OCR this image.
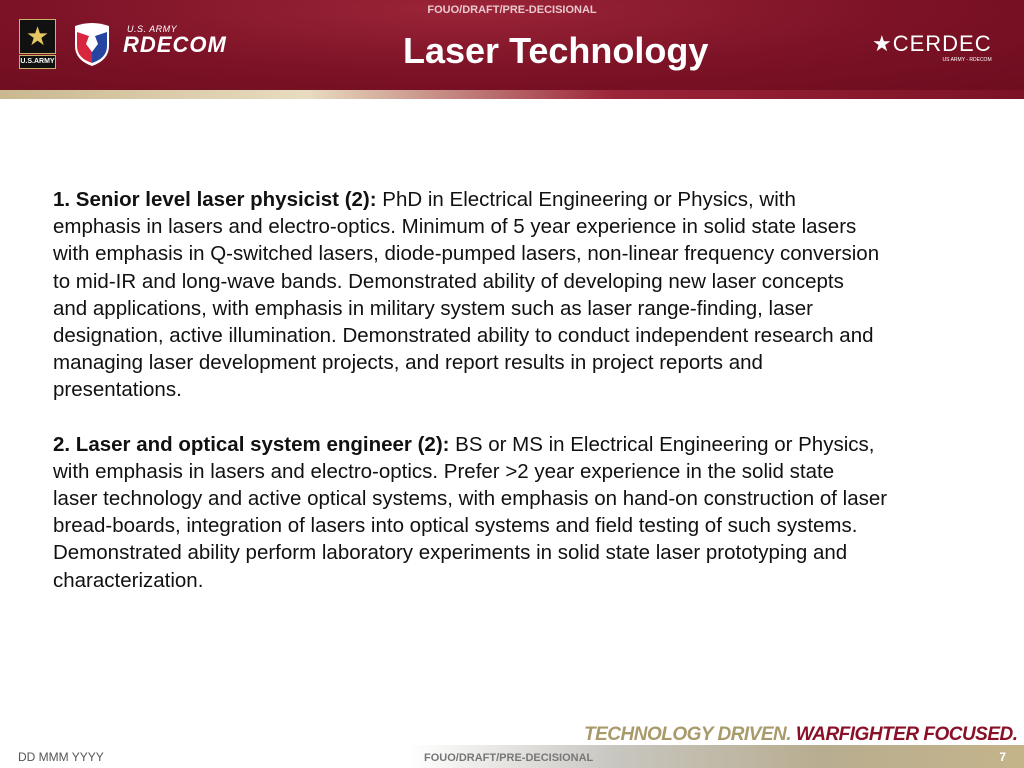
FOUO/DRAFT/PRE-DECISIONAL
★
U.S.ARMY
U.S. ARMY
RDECOM	Laser Technology	★CERDEC
US ARMY - RDECOM
1. Senior level laser physicist (2): PhD in Electrical Engineering or Physics, with
emphasis in lasers and electro-optics. Minimum of 5 year experience in solid state lasers
with emphasis in Q-switched lasers, diode-pumped lasers, non-linear frequency conversion
to mid-IR and long-wave bands. Demonstrated ability of developing new laser concepts
and applications, with emphasis in military system such as laser range-finding, laser
designation, active illumination. Demonstrated ability to conduct independent research and
managing laser development projects, and report results in project reports and
presentations.
2. Laser and optical system engineer (2): BS or MS in Electrical Engineering or Physics,
with emphasis in lasers and electro-optics. Prefer >2 year experience in the solid state
laser technology and active optical systems, with emphasis on hand-on construction of laser
bread-boards, integration of lasers into optical systems and field testing of such systems.
Demonstrated ability perform laboratory experiments in solid state laser prototyping and
characterization.
TECHNOLOGY DRIVEN. WARFIGHTER FOCUSED.
DD MMM YYYY	FOUO/DRAFT/PRE-DECISIONAL	7
